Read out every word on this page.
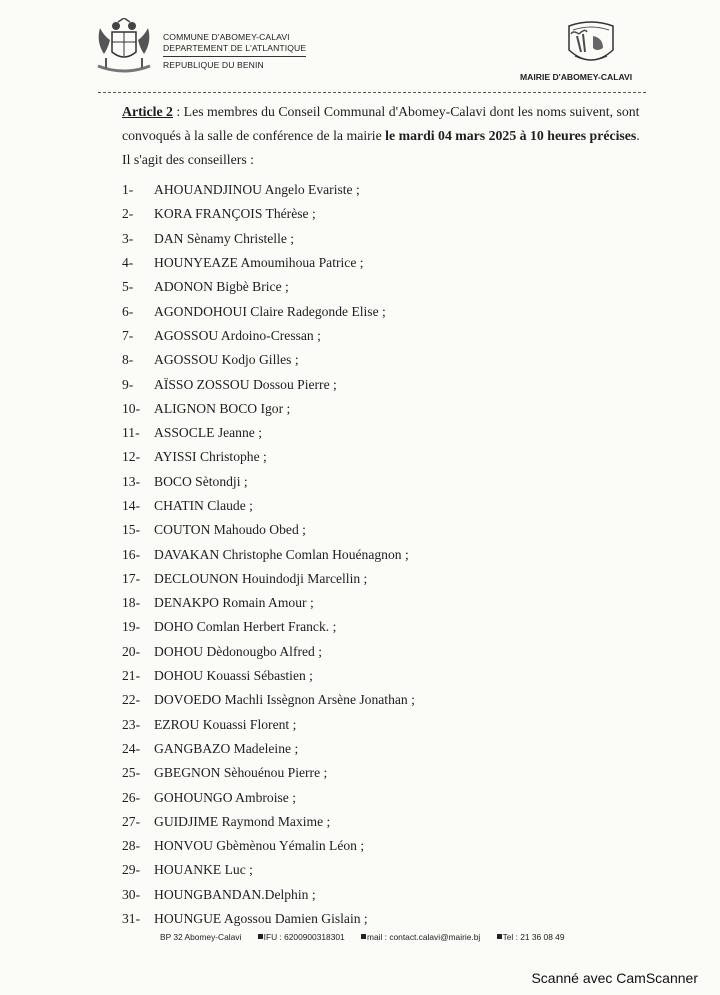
COMMUNE D'ABOMEY-CALAVI
DEPARTEMENT DE L'ATLANTIQUE
REPUBLIQUE DU BENIN
MAIRIE D'ABOMEY-CALAVI
Article 2 : Les membres du Conseil Communal d'Abomey-Calavi dont les noms suivent, sont
convoqués à la salle de conférence de la mairie le mardi 04 mars 2025 à 10 heures précises.
Il s'agit des conseillers :
1-	AHOUANDJINOU Angelo Evariste ;
2-	KORA FRANÇOIS Thérèse ;
3-	DAN Sènamy Christelle ;
4-	HOUNYEAZE Amoumihoua Patrice ;
5-	ADONON Bigbè Brice ;
6-	AGONDOHOUI Claire Radegonde Elise ;
7-	AGOSSOU Ardoino-Cressan ;
8-	AGOSSOU Kodjo Gilles ;
9-	AÏSSO ZOSSOU Dossou Pierre ;
10-	ALIGNON BOCO Igor ;
11-	ASSOCLE Jeanne ;
12-	AYISSI Christophe ;
13-	BOCO Sètondji ;
14-	CHATIN Claude ;
15-	COUTON Mahoudo Obed ;
16-	DAVAKAN Christophe Comlan Houénagnon ;
17-	DECLOUNON Houindodji Marcellin ;
18-	DENAKPO Romain Amour ;
19-	DOHO Comlan Herbert Franck. ;
20-	DOHOU Dèdonougbo Alfred ;
21-	DOHOU Kouassi Sébastien ;
22-	DOVOEDO Machli Issègnon Arsène Jonathan ;
23-	EZROU Kouassi Florent ;
24-	GANGBAZO Madeleine ;
25-	GBEGNON Sèhouénou Pierre ;
26-	GOHOUNGO Ambroise ;
27-	GUIDJIME Raymond Maxime ;
28-	HONVOU Gbèmènou Yémalin Léon ;
29-	HOUANKE Luc ;
30-	HOUNGBANDAN.Delphin ;
31-	HOUNGUE Agossou Damien Gislain ;
BP 32 Abomey-Calavi	IFU : 6200900318301	mail : contact.calavi@mairie.bj	Tel : 21 36 08 49
Scanné avec CamScanner
